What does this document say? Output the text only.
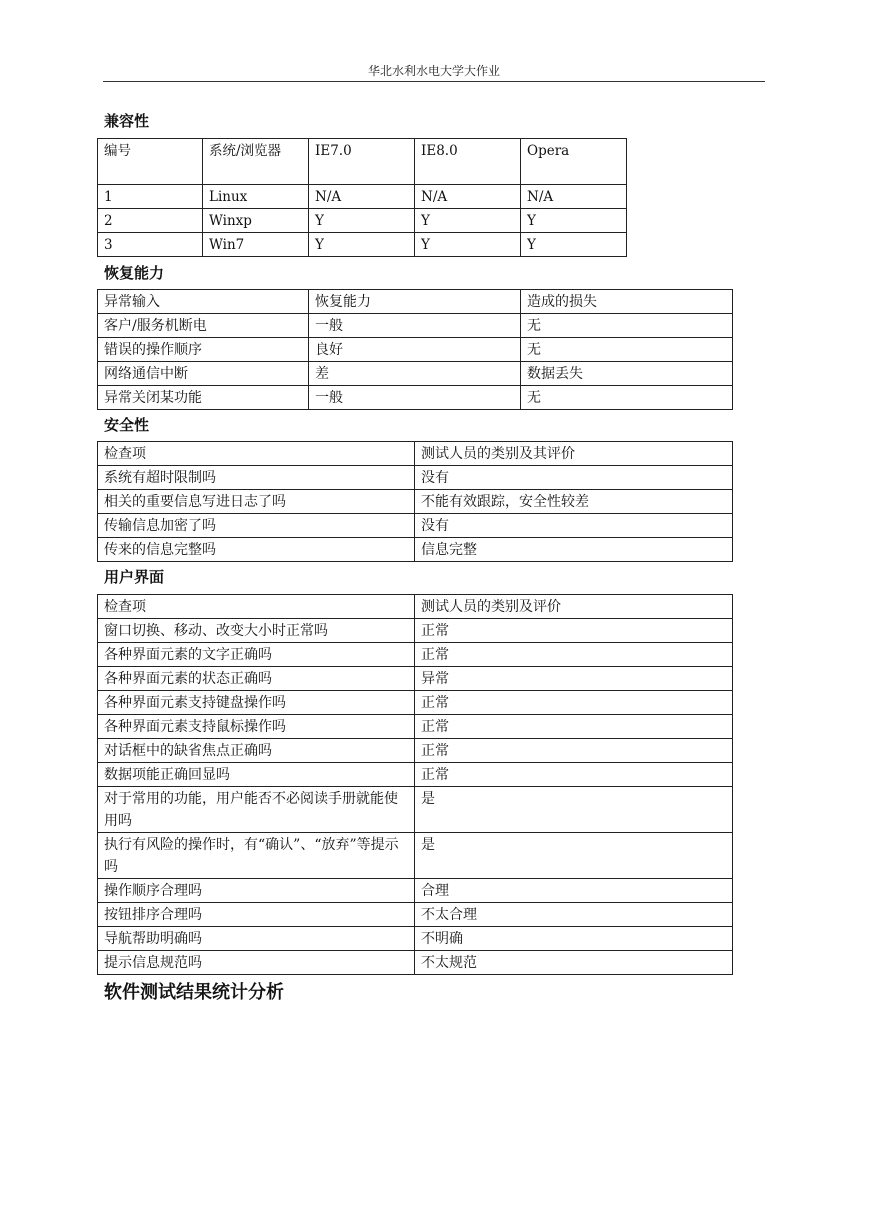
华北水利水电大学大作业
兼容性
编号	系统/浏览器	IE7.0	IE8.0	Opera
1	Linux	N/A	N/A	N/A
2	Winxp	Y	Y	Y
3	Win7	Y	Y	Y
恢复能力
异常输入	恢复能力	造成的损失
客户/服务机断电	一般	无
错误的操作顺序	良好	无
网络通信中断	差	数据丢失
异常关闭某功能	一般	无
安全性
检查项	测试人员的类别及其评价
系统有超时限制吗	没有
相关的重要信息写进日志了吗	不能有效跟踪，安全性较差
传输信息加密了吗	没有
传来的信息完整吗	信息完整
用户界面
检查项	测试人员的类别及评价
窗口切换、移动、改变大小时正常吗	正常
各种界面元素的文字正确吗	正常
各种界面元素的状态正确吗	异常
各种界面元素支持键盘操作吗	正常
各种界面元素支持鼠标操作吗	正常
对话框中的缺省焦点正确吗	正常
数据项能正确回显吗	正常
对于常用的功能，用户能否不必阅读手册就能使用吗	是
执行有风险的操作时，有“确认”、“放弃”等提示吗	是
操作顺序合理吗	合理
按钮排序合理吗	不太合理
导航帮助明确吗	不明确
提示信息规范吗	不太规范
软件测试结果统计分析
